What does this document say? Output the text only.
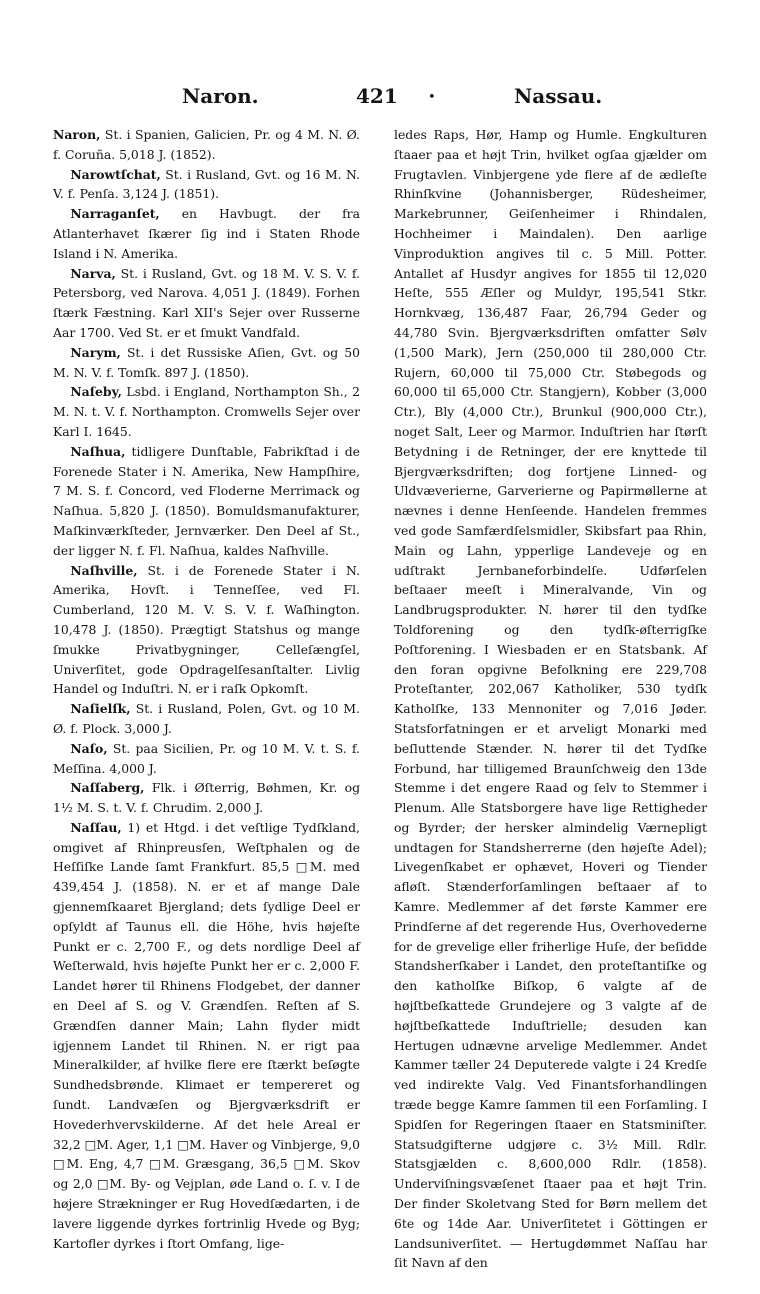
Naron.	421 •	Nassau.

Naron, St. i Spanien, Galicien, Pr. og 4 M. N. Ø. f. Coruña. 5,018 J. (1852).

Narowtſchat, St. i Rusland, Gvt. og 16 M. N. V. f. Penſa. 3,124 J. (1851).

Narraganſet, en Havbugt. der fra Atlanterhavet ſkærer ſig ind i Staten Rhode Island i N. Amerika.

Narva, St. i Rusland, Gvt. og 18 M. V. S. V. f. Petersborg, ved Narova. 4,051 J. (1849). Forhen ſtærk Fæstning. Karl XII's Sejer over Russerne Aar 1700. Ved St. er et ſmukt Vandfald.

Narym, St. i det Russiske Aſien, Gvt. og 50 M. N. V. f. Tomſk. 897 J. (1850).

Naſeby, Lsbd. i England, Northampton Sh., 2 M. N. t. V. f. Northampton. Cromwells Sejer over Karl I. 1645.

Naſhua, tidligere Dunſtable, Fabrikſtad i de Forenede Stater i N. Amerika, New Hampſhire, 7 M. S. f. Concord, ved Floderne Merrimack og Naſhua. 5,820 J. (1850). Bomuldsmanufakturer, Maſkinværkſteder, Jernværker. Den Deel af St., der ligger N. f. Fl. Naſhua, kaldes Naſhville.

Naſhville, St. i de Forenede Stater i N. Amerika, Hovſt. i Tenneſſee, ved Fl. Cumberland, 120 M. V. S. V. f. Waſhington. 10,478 J. (1850). Prægtigt Statshus og mange ſmukke Privatbygninger, Celleſængſel, Univerſitet, gode Opdragelſesanſtalter. Livlig Handel og Induſtri. N. er i raſk Opkomſt.

Naſielſk, St. i Rusland, Polen, Gvt. og 10 M. Ø. f. Plock. 3,000 J.

Naſo, St. paa Sicilien, Pr. og 10 M. V. t. S. f. Meſſina. 4,000 J.

Naſſaberg, Flk. i Øſterrig, Bøhmen, Kr. og 1½ M. S. t. V. f. Chrudim. 2,000 J.

Naſſau, 1) et Htgd. i det veſtlige Tydſkland, omgivet af Rhinpreusſen, Weſtphalen og de Heſſiſke Lande ſamt Frankfurt. 85,5 □M. med 439,454 J. (1858). N. er et af mange Dale gjennemſkaaret Bjergland; dets ſydlige Deel er opſyldt af Taunus ell. die Höhe, hvis højeſte Punkt er c. 2,700 F., og dets nordlige Deel af Weſterwald, hvis højeſte Punkt her er c. 2,000 F. Landet hører til Rhinens Flodgebet, der danner en Deel af S. og V. Grændſen. Reſten af S. Grændſen danner Main; Lahn flyder midt igjennem Landet til Rhinen. N. er rigt paa Mineralkilder, af hvilke flere ere ſtærkt beſøgte Sundhedsbrønde. Klimaet er tempereret og ſundt. Landvæſen og Bjergværksdrift er Hovederhvervskilderne. Af det hele Areal er 32,2 □M. Ager, 1,1 □M. Haver og Vinbjerge, 9,0 □M. Eng, 4,7 □M. Græsgang, 36,5 □M. Skov og 2,0 □M. By- og Vejplan, øde Land o. ſ. v. I de højere Strækninger er Rug Hovedſædarten, i de lavere liggende dyrkes fortrinlig Hvede og Byg; Kartofler dyrkes i ſtort Omfang, lige-

ledes Raps, Hør, Hamp og Humle. Engkulturen ſtaaer paa et højt Trin, hvilket ogſaa gjælder om Frugtavlen. Vinbjergene yde flere af de ædleſte Rhinſkvine (Johannisberger, Rüdesheimer, Markebrunner, Geiſenheimer i Rhindalen, Hochheimer i Maindalen). Den aarlige Vinproduktion angives til c. 5 Mill. Potter. Antallet af Husdyr angives for 1855 til 12,020 Heſte, 555 Æſler og Muldyr, 195,541 Stkr. Hornkvæg, 136,487 Faar, 26,794 Geder og 44,780 Svin. Bjergværksdriften omfatter Sølv (1,500 Mark), Jern (250,000 til 280,000 Ctr. Rujern, 60,000 til 75,000 Ctr. Støbegods og 60,000 til 65,000 Ctr. Stangjern), Kobber (3,000 Ctr.), Bly (4,000 Ctr.), Brunkul (900,000 Ctr.), noget Salt, Leer og Marmor. Induſtrien har ſtørſt Betydning i de Retninger, der ere knyttede til Bjergværksdriften; dog fortjene Linned- og Uldvæverierne, Garverierne og Papirmøllerne at nævnes i denne Henſeende. Handelen fremmes ved gode Samfærdſelsmidler, Skibsfart paa Rhin, Main og Lahn, ypperlige Landeveje og en udſtrakt Jernbaneforbindelſe. Udførſelen beſtaaer meeſt i Mineralvande, Vin og Landbrugsprodukter. N. hører til den tydſke Toldforening og den tydſk-øſterrigſke Poſtforening. I Wiesbaden er en Statsbank. Af den foran opgivne Befolkning ere 229,708 Proteſtanter, 202,067 Katholiker, 530 tydſk Katholſke, 133 Mennoniter og 7,016 Jøder. Statsforfatningen er et arveligt Monarki med beſluttende Stænder. N. hører til det Tydſke Forbund, har tilligemed Braunſchweig den 13de Stemme i det engere Raad og ſelv to Stemmer i Plenum. Alle Statsborgere have lige Rettigheder og Byrder; der hersker almindelig Værnepligt undtagen for Standsherrerne (den højeſte Adel); Livegenſkabet er ophævet, Hoveri og Tiender afløſt. Stænderforſamlingen beſtaaer af to Kamre. Medlemmer af det første Kammer ere Prindſerne af det regerende Hus, Overhovederne for de grevelige eller friherlige Huſe, der beſidde Standsherſkaber i Landet, den proteſtantiſke og den katholſke Biſkop, 6 valgte af de højſtbeſkattede Grundejere og 3 valgte af de højſtbeſkattede Induſtrielle; desuden kan Hertugen udnævne arvelige Medlemmer. Andet Kammer tæller 24 Deputerede valgte i 24 Kredſe ved indirekte Valg. Ved Finantsforhandlingen træde begge Kamre ſammen til een Forſamling. I Spidſen for Regeringen ſtaaer en Statsminiſter. Statsudgifterne udgjøre c. 3½ Mill. Rdlr. Statsgjælden c. 8,600,000 Rdlr. (1858). Underviſningsvæſenet ſtaaer paa et højt Trin. Der finder Skoletvang Sted for Børn mellem det 6te og 14de Aar. Univerſitetet i Göttingen er Landsuniverſitet. — Hertugdømmet Naſſau har ſit Navn af den
